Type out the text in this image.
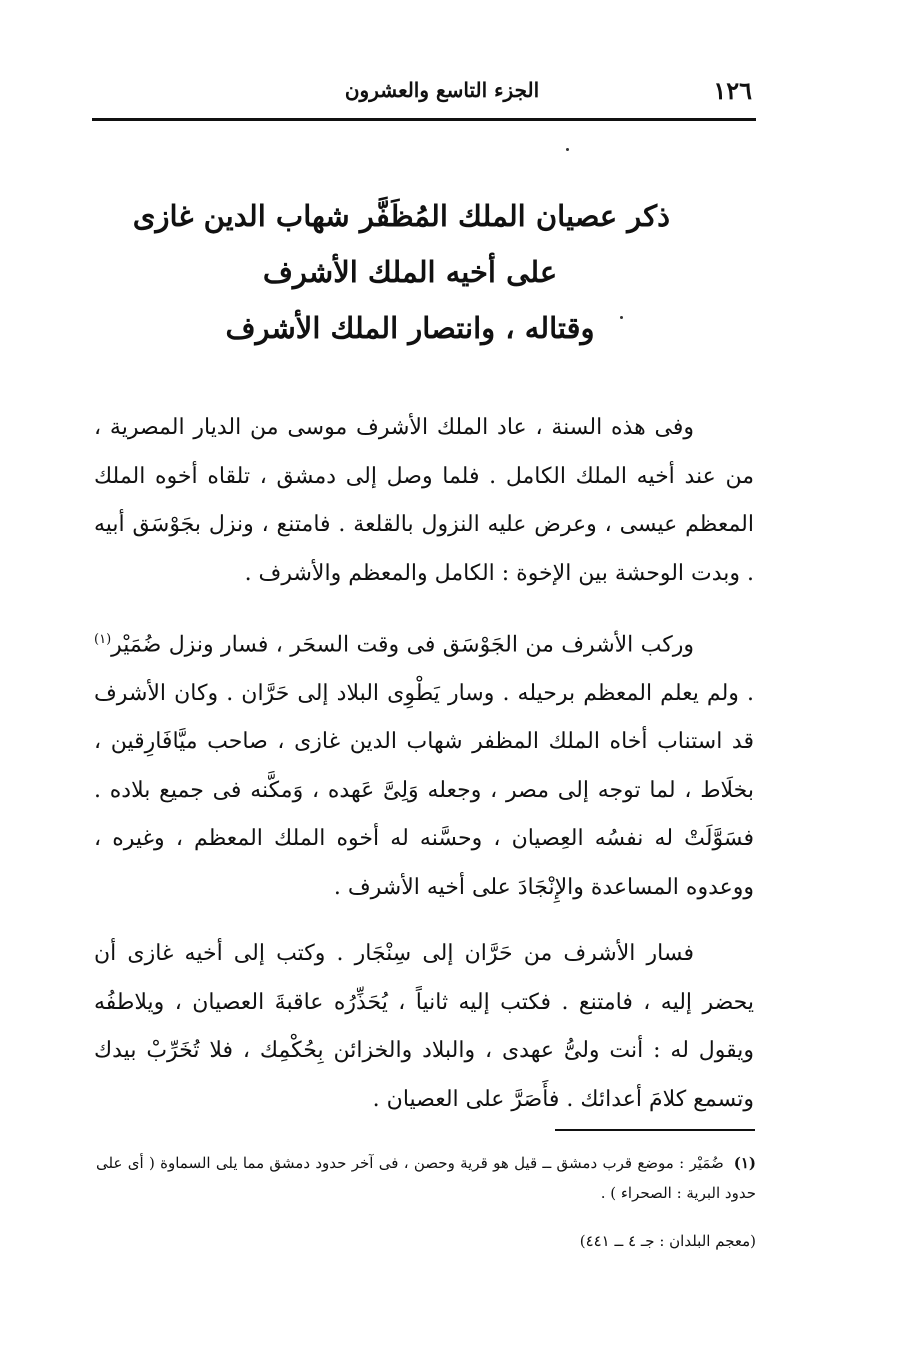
١٢٦
الجزء التاسع والعشرون
ذكر عصيان الملك المُظَفَّر شهاب الدين غازى
على أخيه الملك الأشرف
وقتاله ، وانتصار الملك الأشرف

وفى هذه السنة ، عاد الملك الأشرف موسى من الديار المصرية ، من عند أخيه الملك الكامل . فلما وصل إلى دمشق ، تلقاه أخوه الملك المعظم عيسى ، وعرض عليه النزول بالقلعة . فامتنع ، ونزل بجَوْسَق أبيه . وبدت الوحشة بين الإخوة : الكامل والمعظم والأشرف .

وركب الأشرف من الجَوْسَق فى وقت السحَر ، فسار ونزل ضُمَيْر$^{(١)}$ . ولم يعلم المعظم برحيله . وسار يَطْوِى البلاد إلى حَرَّان . وكان الأشرف قد استناب أخاه الملك المظفر شهاب الدين غازى ، صاحب ميَّافَارِقين ، بخلَاط ، لما توجه إلى مصر ، وجعله وَلِىَّ عَهده ، وَمكَّنه فى جميع بلاده . فسَوَّلَتْ له نفسُه العِصيان ، وحسَّنه له أخوه الملك المعظم ، وغيره ، ووعدوه المساعدة والإِنْجَادَ على أخيه الأشرف .

فسار الأشرف من حَرَّان إلى سِنْجَار . وكتب إلى أخيه غازى أن يحضر إليه ، فامتنع . فكتب إليه ثانياً ، يُحَذِّرُه عاقبةَ العصيان ، ويلاطفُه ويقول له : أنت ولىُّ عهدى ، والبلاد والخزائن بِحُكْمِك ، فلا تُخَرِّبْ بيدك وتسمع كلامَ أعدائك . فأَصَرَّ على العصيان .

(١)ضُمَيْر : موضع قرب دمشق ــ قيل هو قرية وحصن ، فى آخر حدود دمشق مما يلى السماوة ( أى على حدود البرية : الصحراء ) .

(معجم البلدان : جـ ٤ ــ ٤٤١)
